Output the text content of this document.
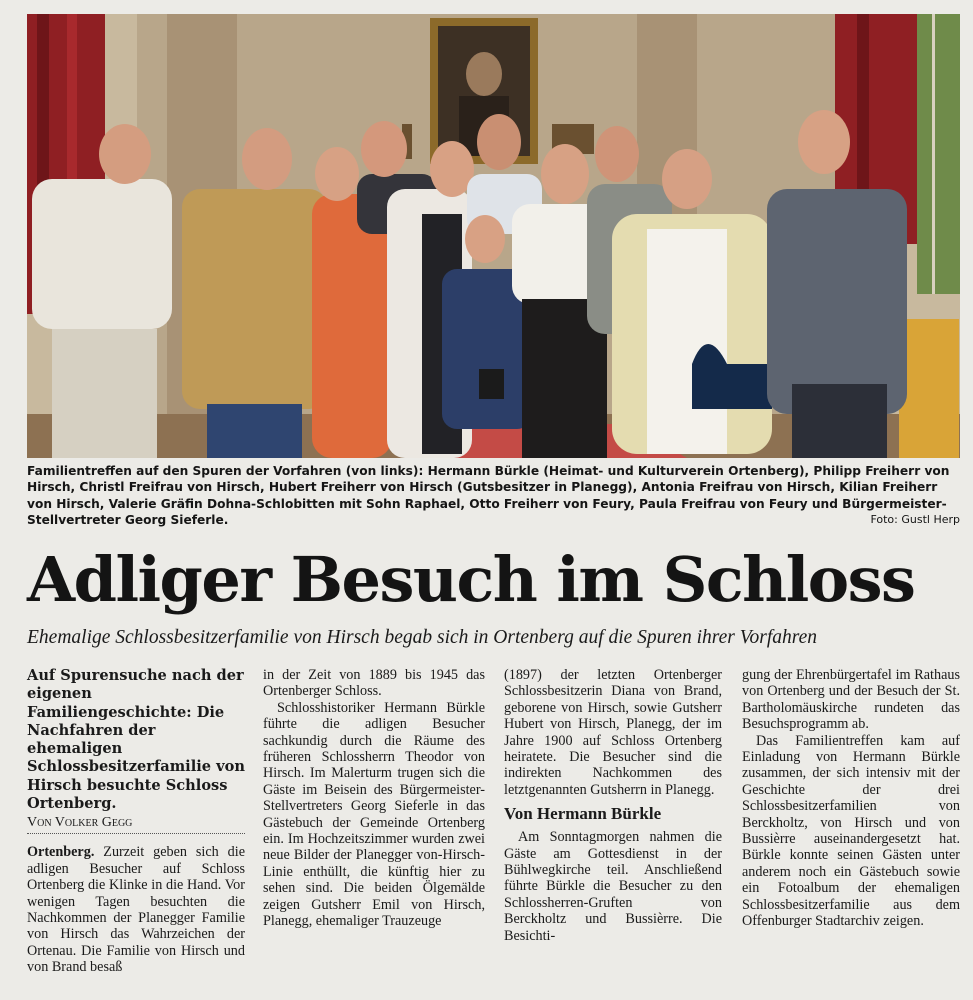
Familientreffen auf den Spuren der Vorfahren (von links): Hermann Bürkle (Heimat- und Kulturverein Ortenberg), Philipp Freiherr von Hirsch, Christl Freifrau von Hirsch, Hubert Freiherr von Hirsch (Gutsbesitzer in Planegg), Antonia Freifrau von Hirsch, Kilian Freiherr von Hirsch, Valerie Gräfin Dohna-Schlobitten mit Sohn Raphael, Otto Freiherr von Feury, Paula Freifrau von Feury und Bürgermeister-Stellvertreter Georg Sieferle.	Foto: Gustl Herp
Adliger Besuch im Schloss
Ehemalige Schlossbesitzerfamilie von Hirsch begab sich in Ortenberg auf die Spuren ihrer Vorfahren
Auf Spurensuche nach der eigenen Familiengeschichte: Die Nachfahren der ehemaligen Schlossbesitzerfamilie von Hirsch besuchte Schloss Ortenberg.
Von Volker Gegg
Ortenberg. Zurzeit geben sich die adligen Besucher auf Schloss Ortenberg die Klinke in die Hand. Vor wenigen Tagen besuchten die Nachkommen der Planegger Familie von Hirsch das Wahrzeichen der Ortenau. Die Familie von Hirsch und von Brand besaß
in der Zeit von 1889 bis 1945 das Ortenberger Schloss.
Schlosshistoriker Hermann Bürkle führte die adligen Besucher sachkundig durch die Räume des früheren Schlossherrn Theodor von Hirsch. Im Malerturm trugen sich die Gäste im Beisein des Bürgermeister-Stellvertreters Georg Sieferle in das Gästebuch der Gemeinde Ortenberg ein. Im Hochzeitszimmer wurden zwei neue Bilder der Planegger von-Hirsch-Linie enthüllt, die künftig hier zu sehen sind. Die beiden Ölgemälde zeigen Gutsherr Emil von Hirsch, Planegg, ehemaliger Trauzeuge
(1897) der letzten Ortenberger Schlossbesitzerin Diana von Brand, geborene von Hirsch, sowie Gutsherr Hubert von Hirsch, Planegg, der im Jahre 1900 auf Schloss Ortenberg heiratete. Die Besucher sind die indirekten Nachkommen des letztgenannten Gutsherrn in Planegg.
Von Hermann Bürkle
Am Sonntagmorgen nahmen die Gäste am Gottesdienst in der Bühlwegkirche teil. Anschließend führte Bürkle die Besucher zu den Schlossherren-Gruften von Berckholtz und Bussièrre. Die Besichti-
gung der Ehrenbürgertafel im Rathaus von Ortenberg und der Besuch der St. Bartholomäuskirche rundeten das Besuchsprogramm ab.
Das Familientreffen kam auf Einladung von Hermann Bürkle zusammen, der sich intensiv mit der Geschichte der drei Schlossbesitzerfamilien von Berckholtz, von Hirsch und von Bussièrre auseinandergesetzt hat. Bürkle konnte seinen Gästen unter anderem noch ein Gästebuch sowie ein Fotoalbum der ehemaligen Schlossbesitzerfamilie aus dem Offenburger Stadtarchiv zeigen.
